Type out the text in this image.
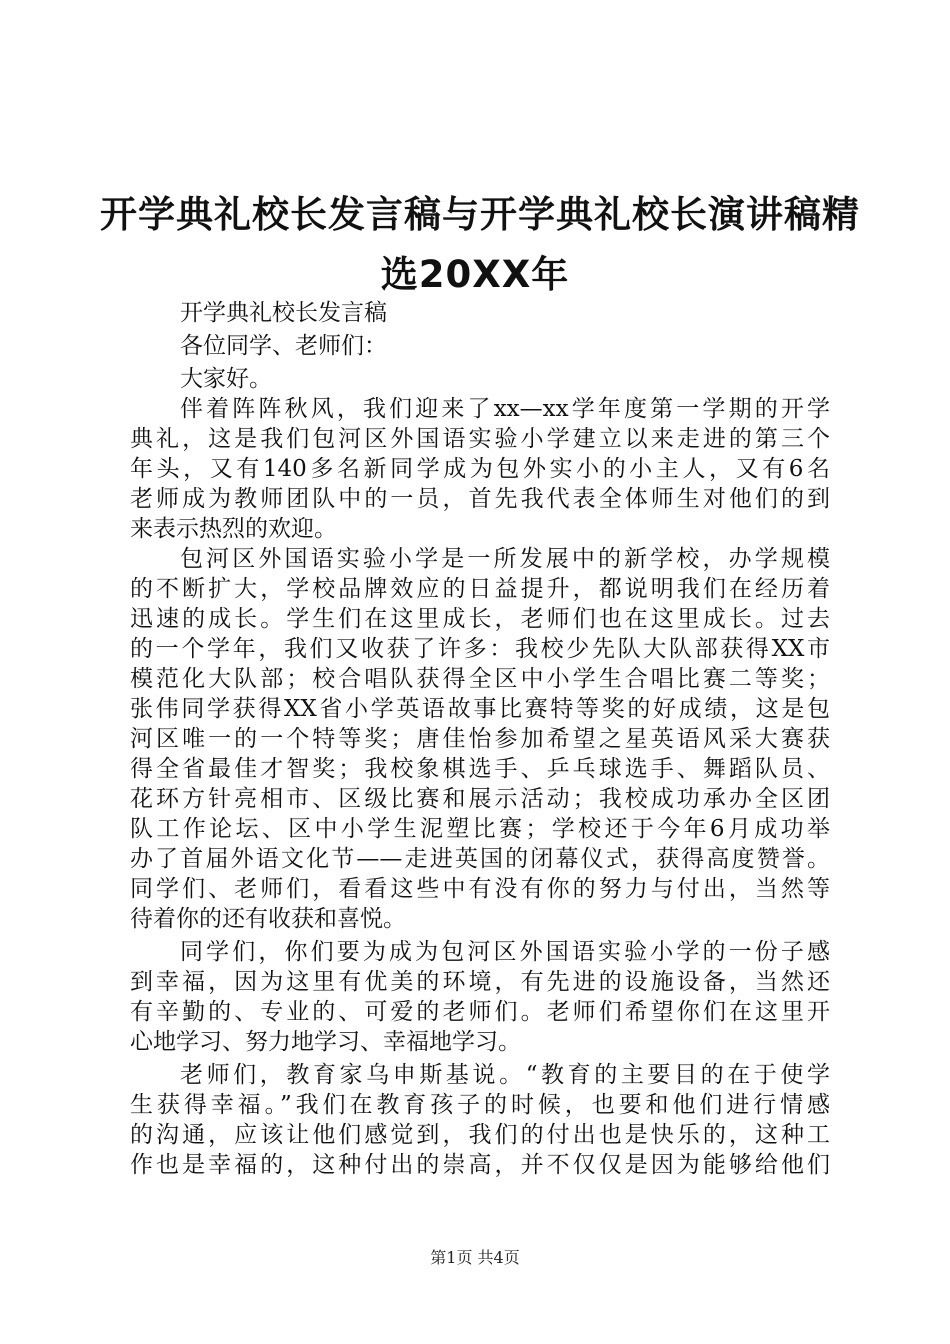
开学典礼校长发言稿与开学典礼校长演讲稿精
选20XX年
开学典礼校长发言稿
各位同学、老师们：
大家好。
伴着阵阵秋风，我们迎来了xx—xx学年度第一学期的开学
典礼，这是我们包河区外国语实验小学建立以来走进的第三个
年头，又有140多名新同学成为包外实小的小主人，又有6名
老师成为教师团队中的一员，首先我代表全体师生对他们的到
来表示热烈的欢迎。
包河区外国语实验小学是一所发展中的新学校，办学规模
的不断扩大，学校品牌效应的日益提升，都说明我们在经历着
迅速的成长。学生们在这里成长，老师们也在这里成长。过去
的一个学年，我们又收获了许多：我校少先队大队部获得XX市
模范化大队部；校合唱队获得全区中小学生合唱比赛二等奖；
张伟同学获得XX省小学英语故事比赛特等奖的好成绩，这是包
河区唯一的一个特等奖；唐佳怡参加希望之星英语风采大赛获
得全省最佳才智奖；我校象棋选手、乒乓球选手、舞蹈队员、
花环方针亮相市、区级比赛和展示活动；我校成功承办全区团
队工作论坛、区中小学生泥塑比赛；学校还于今年6月成功举
办了首届外语文化节——走进英国的闭幕仪式，获得高度赞誉。
同学们、老师们，看看这些中有没有你的努力与付出，当然等
待着你的还有收获和喜悦。
同学们，你们要为成为包河区外国语实验小学的一份子感
到幸福，因为这里有优美的环境，有先进的设施设备，当然还
有辛勤的、专业的、可爱的老师们。老师们希望你们在这里开
心地学习、努力地学习、幸福地学习。
老师们，教育家乌申斯基说。“教育的主要目的在于使学
生获得幸福。”我们在教育孩子的时候，也要和他们进行情感
的沟通，应该让他们感觉到，我们的付出也是快乐的，这种工
作也是幸福的，这种付出的崇高，并不仅仅是因为能够给他们
第1页 共4页
